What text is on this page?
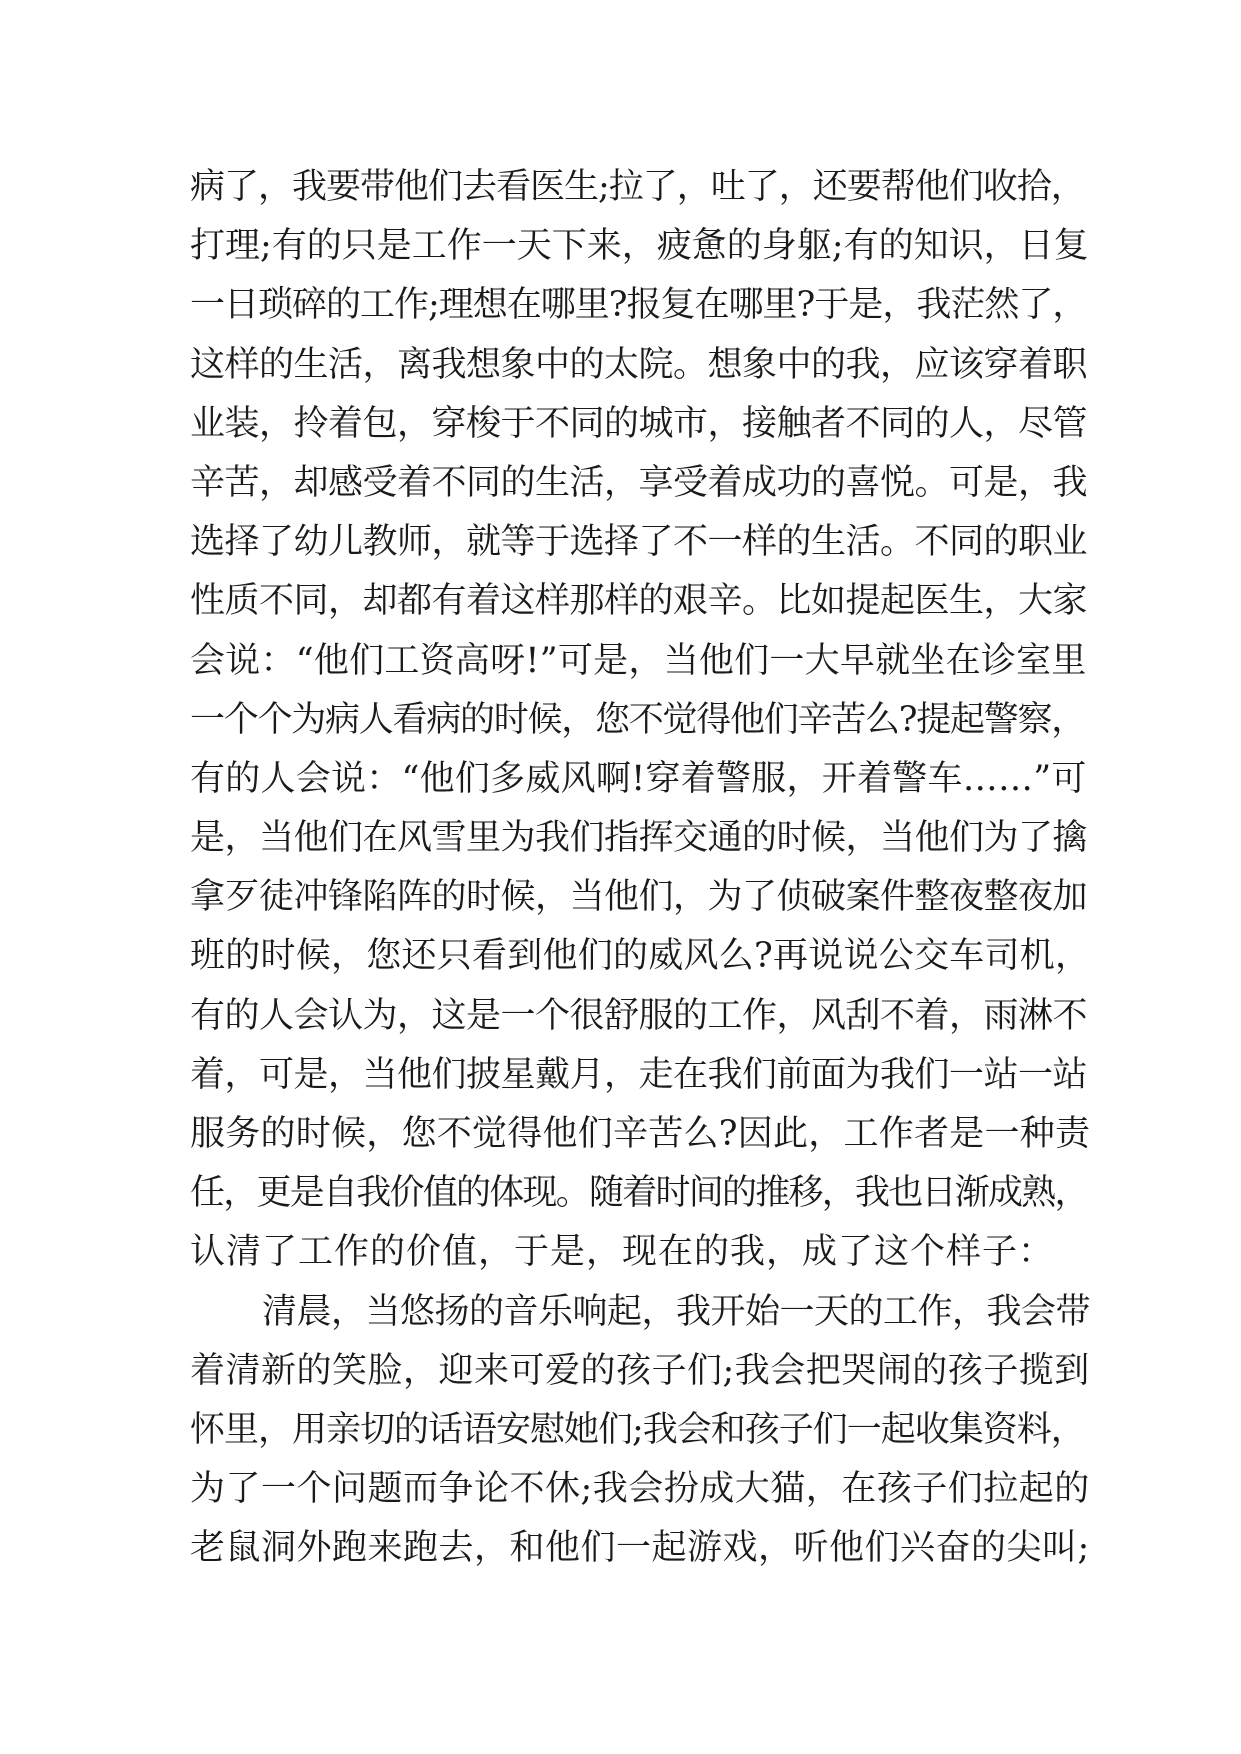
病了，我要带他们去看医生;拉了，吐了，还要帮他们收拾，
打理;有的只是工作一天下来，疲惫的身躯;有的知识，日复
一日琐碎的工作;理想在哪里?报复在哪里?于是，我茫然了，
这样的生活，离我想象中的太院。想象中的我，应该穿着职
业装，拎着包，穿梭于不同的城市，接触者不同的人，尽管
辛苦，却感受着不同的生活，享受着成功的喜悦。可是，我
选择了幼儿教师，就等于选择了不一样的生活。不同的职业
性质不同，却都有着这样那样的艰辛。比如提起医生，大家
会说：“他们工资高呀!”可是，当他们一大早就坐在诊室里
一个个为病人看病的时候，您不觉得他们辛苦么?提起警察，
有的人会说：“他们多威风啊!穿着警服，开着警车……”可
是，当他们在风雪里为我们指挥交通的时候，当他们为了擒
拿歹徒冲锋陷阵的时候，当他们，为了侦破案件整夜整夜加
班的时候，您还只看到他们的威风么?再说说公交车司机，
有的人会认为，这是一个很舒服的工作，风刮不着，雨淋不
着，可是，当他们披星戴月，走在我们前面为我们一站一站
服务的时候，您不觉得他们辛苦么?因此，工作者是一种责
任，更是自我价值的体现。随着时间的推移，我也日渐成熟，
认清了工作的价值，于是，现在的我，成了这个样子：
清晨，当悠扬的音乐响起，我开始一天的工作，我会带
着清新的笑脸，迎来可爱的孩子们;我会把哭闹的孩子揽到
怀里，用亲切的话语安慰她们;我会和孩子们一起收集资料，
为了一个问题而争论不休;我会扮成大猫，在孩子们拉起的
老鼠洞外跑来跑去，和他们一起游戏，听他们兴奋的尖叫;
